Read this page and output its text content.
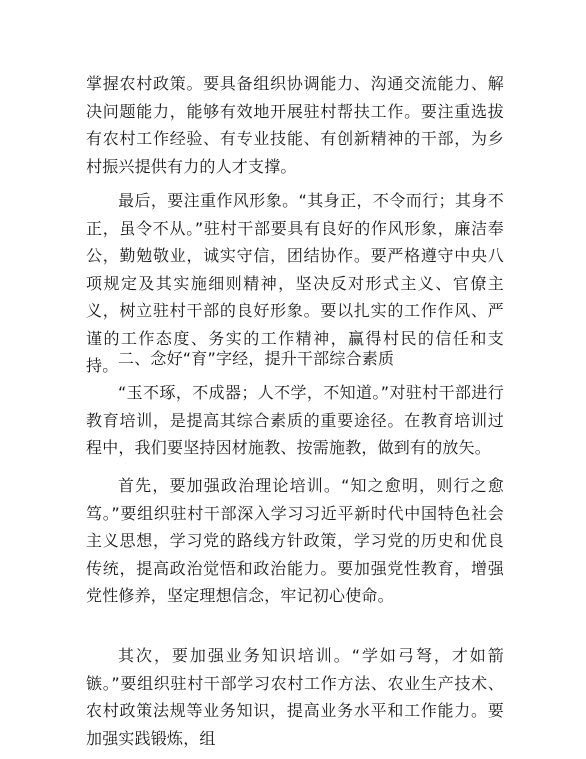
掌握农村政策。要具备组织协调能力、沟通交流能力、解决问题能力，能够有效地开展驻村帮扶工作。要注重选拔有农村工作经验、有专业技能、有创新精神的干部，为乡村振兴提供有力的人才支撑。

最后，要注重作风形象。“其身正，不令而行；其身不正，虽令不从。”驻村干部要具有良好的作风形象，廉洁奉公，勤勉敬业，诚实守信，团结协作。要严格遵守中央八项规定及其实施细则精神，坚决反对形式主义、官僚主义，树立驻村干部的良好形象。要以扎实的工作作风、严谨的工作态度、务实的工作精神，赢得村民的信任和支持。 二、念好“育”字经，提升干部综合素质

“玉不琢，不成器；人不学，不知道。”对驻村干部进行教育培训，是提高其综合素质的重要途径。在教育培训过程中，我们要坚持因材施教、按需施教，做到有的放矢。

首先，要加强政治理论培训。“知之愈明，则行之愈笃。”要组织驻村干部深入学习习近平新时代中国特色社会主义思想，学习党的路线方针政策，学习党的历史和优良传统，提高政治觉悟和政治能力。要加强党性教育，增强党性修养，坚定理想信念，牢记初心使命。

其次，要加强业务知识培训。“学如弓弩，才如箭镞。”要组织驻村干部学习农村工作方法、农业生产技术、农村政策法规等业务知识，提高业务水平和工作能力。要加强实践锻炼，组
